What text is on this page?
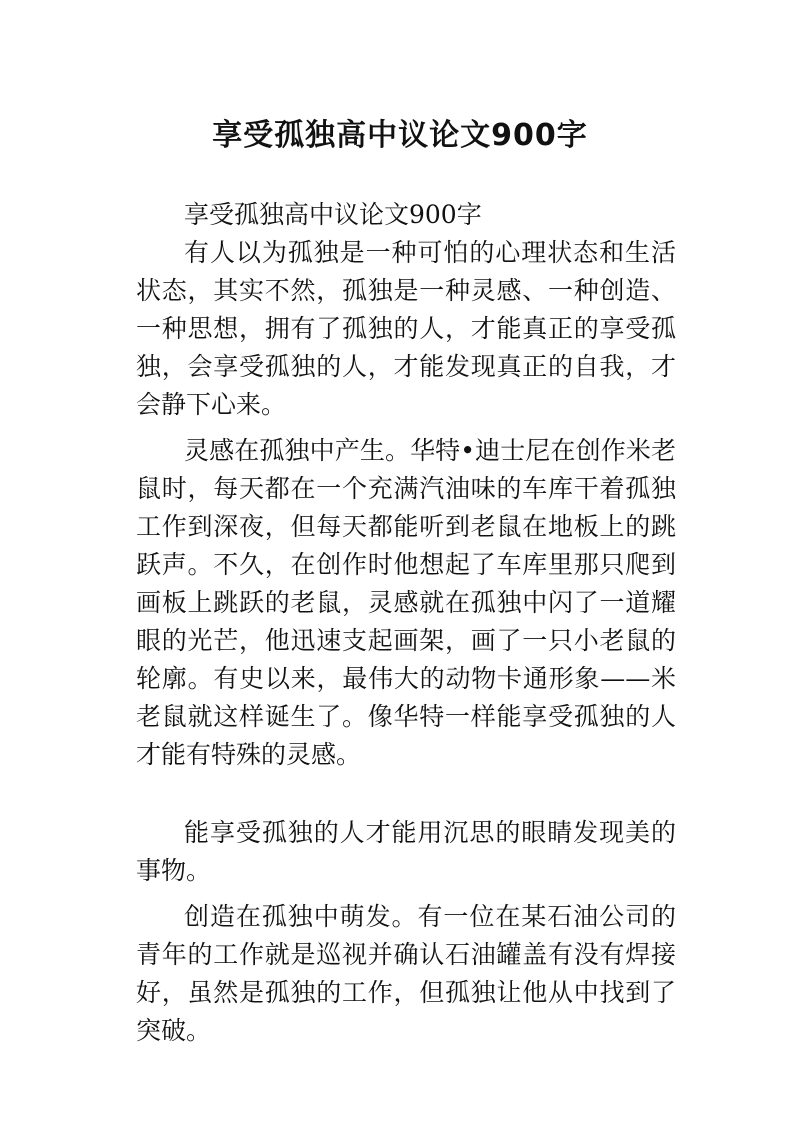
享受孤独高中议论文900字

享受孤独高中议论文900字

有人以为孤独是一种可怕的心理状态和生活状态，其实不然，孤独是一种灵感、一种创造、一种思想，拥有了孤独的人，才能真正的享受孤独，会享受孤独的人，才能发现真正的自我，才会静下心来。

灵感在孤独中产生。华特•迪士尼在创作米老鼠时，每天都在一个充满汽油味的车库干着孤独工作到深夜，但每天都能听到老鼠在地板上的跳跃声。不久，在创作时他想起了车库里那只爬到画板上跳跃的老鼠，灵感就在孤独中闪了一道耀眼的光芒，他迅速支起画架，画了一只小老鼠的轮廓。有史以来，最伟大的动物卡通形象——米老鼠就这样诞生了。像华特一样能享受孤独的人才能有特殊的灵感。

能享受孤独的人才能用沉思的眼睛发现美的事物。

创造在孤独中萌发。有一位在某石油公司的青年的工作就是巡视并确认石油罐盖有没有焊接好，虽然是孤独的工作，但孤独让他从中找到了突破。
